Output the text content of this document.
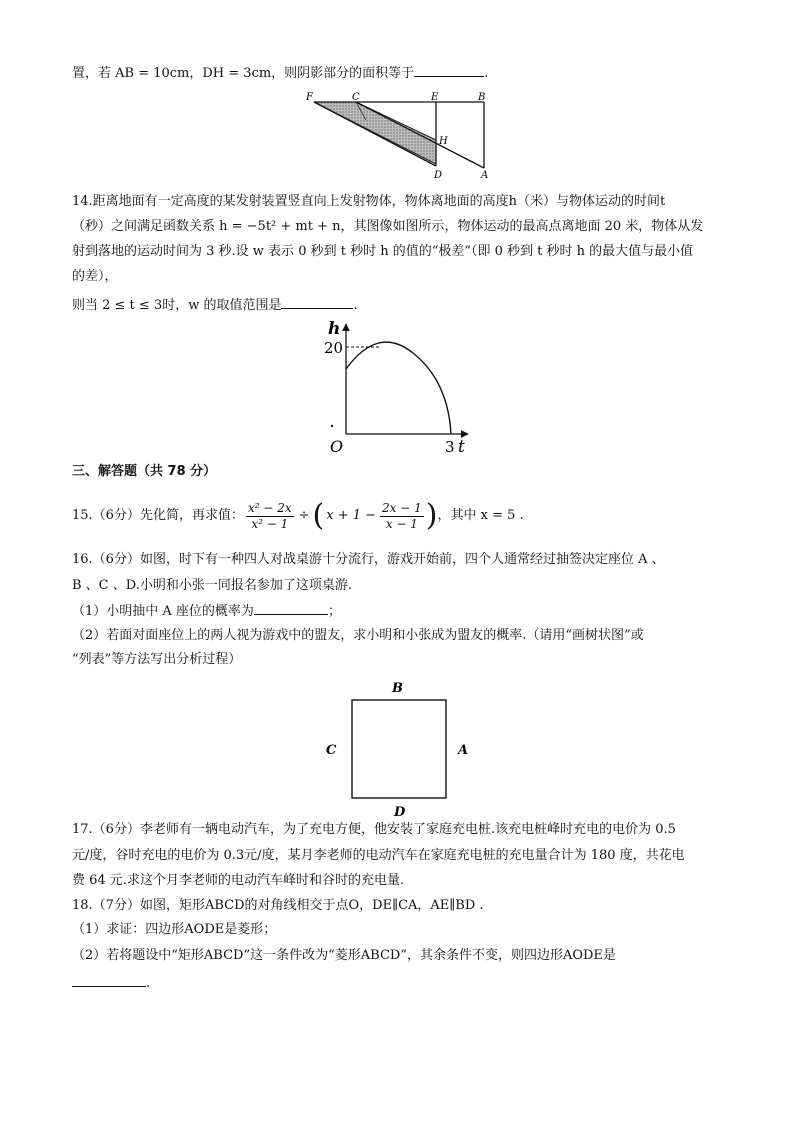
置，若 AB = 10cm，DH = 3cm，则阴影部分的面积等于	.
F	C	E	B
H
D	A
14.距离地面有一定高度的某发射装置竖直向上发射物体，物体离地面的高度h（米）与物体运动的时间t
（秒）之间满足函数关系 h = −5t² + mt + n，其图像如图所示，物体运动的最高点离地面 20 米，物体从发
射到落地的运动时间为 3 秒.设 w 表示 0 秒到 t 秒时 h 的值的“极差”（即 0 秒到 t 秒时 h 的最大值与最小值
的差），
则当 2 ≤ t ≤ 3时，w 的取值范围是	.
h
20
O	3 t
三、解答题（共 78 分）
15.（6分）先化简，再求值： $\frac{\text{x² − 2x}}{\text{x² − 1}}$ ÷ ( $x + 1 - \frac{2x - 1}{x - 1}$ ) ，其中 x = 5 .
16.（6分）如图，时下有一种四人对战桌游十分流行，游戏开始前，四个人通常经过抽签决定座位 A 、
B 、C 、D.小明和小张一同报名参加了这项桌游.
（1）小明抽中 A 座位的概率为	；
（2）若面对面座位上的两人视为游戏中的盟友，求小明和小张成为盟友的概率.（请用“画树状图”或
“列表”等方法写出分析过程）
B
C	A
D
17.（6分）李老师有一辆电动汽车，为了充电方便，他安装了家庭充电桩.该充电桩峰时充电的电价为 0.5
元/度，谷时充电的电价为 0.3元/度，某月李老师的电动汽车在家庭充电桩的充电量合计为 180 度，共花电
费 64 元.求这个月李老师的电动汽车峰时和谷时的充电量.
18.（7分）如图，矩形ABCD的对角线相交于点O，DE∥CA，AE∥BD .
（1）求证：四边形AODE是菱形；
（2）若将题设中“矩形ABCD”这一条件改为“菱形ABCD”，其余条件不变，则四边形AODE是
.
